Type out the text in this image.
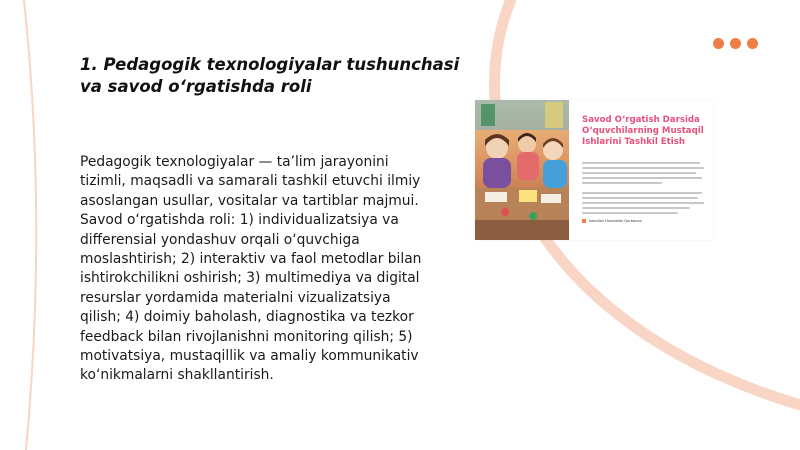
1. Pedagogik texnologiyalar tushunchasi va savod o‘rgatishda roli

Pedagogik texnologiyalar — ta’lim jarayonini tizimli, maqsadli va samarali tashkil etuvchi ilmiy asoslangan usullar, vositalar va tartiblar majmui. Savod o‘rgatishda roli: 1) individualizatsiya va differensial yondashuv orqali o‘quvchiga moslashtirish; 2) interaktiv va faol metodlar bilan ishtirokchilikni oshirish; 3) multimediya va digital resurslar yordamida materialni vizualizatsiya qilish; 4) doimiy baholash, diagnostika va tezkor feedback bilan rivojlanishni monitoring qilish; 5) motivatsiya, mustaqillik va amaliy kommunikativ ko‘nikmalarni shakllantirish.

Savod O‘rgatish Darsida O‘quvchilarning Mustaqil Ishlarini Tashkil Etish
Ismoilov Husniddin Qurbonov
